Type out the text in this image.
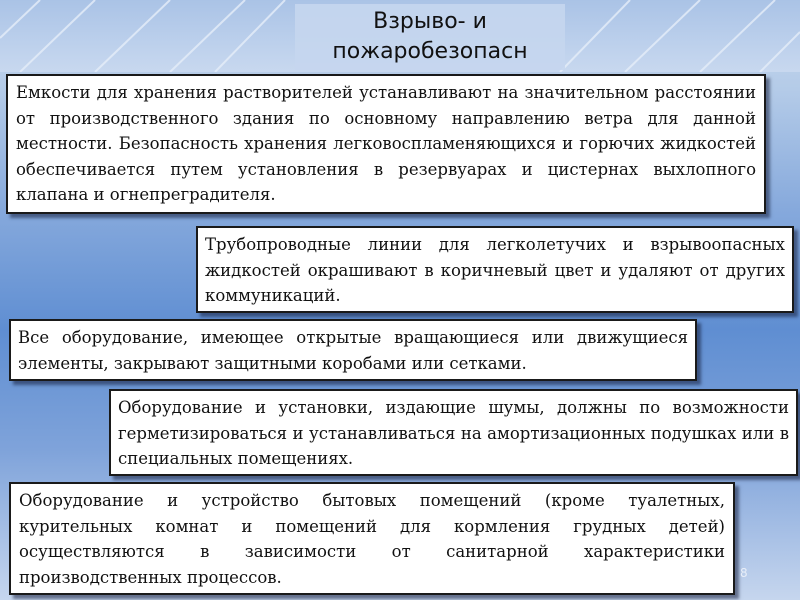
Взрыво- и
пожаробезопасн

Емкости для хранения растворителей устанавливают на значительном расстоянии от производственного здания по основному направлению ветра для данной местности. Безопасность хранения легковоспламеняющихся и горючих жидкостей обеспечивается путем установления в резервуарах и цистернах выхлопного клапана и огнепреградителя.

Трубопроводные линии для легколетучих и взрывоопасных жидкостей окрашивают в коричневый цвет и удаляют от других коммуникаций.

Все оборудование, имеющее открытые вращающиеся или движущиеся элементы, закрывают защитными коробами или сетками.

Оборудование и установки, издающие шумы, должны по возможности герметизироваться и устанавливаться на амортизационных подушках или в специальных помещениях.

Оборудование и устройство бытовых помещений (кроме туалетных, курительных комнат и помещений для кормления грудных детей) осуществляются в зависимости от санитарной характеристики производственных процессов.	8
